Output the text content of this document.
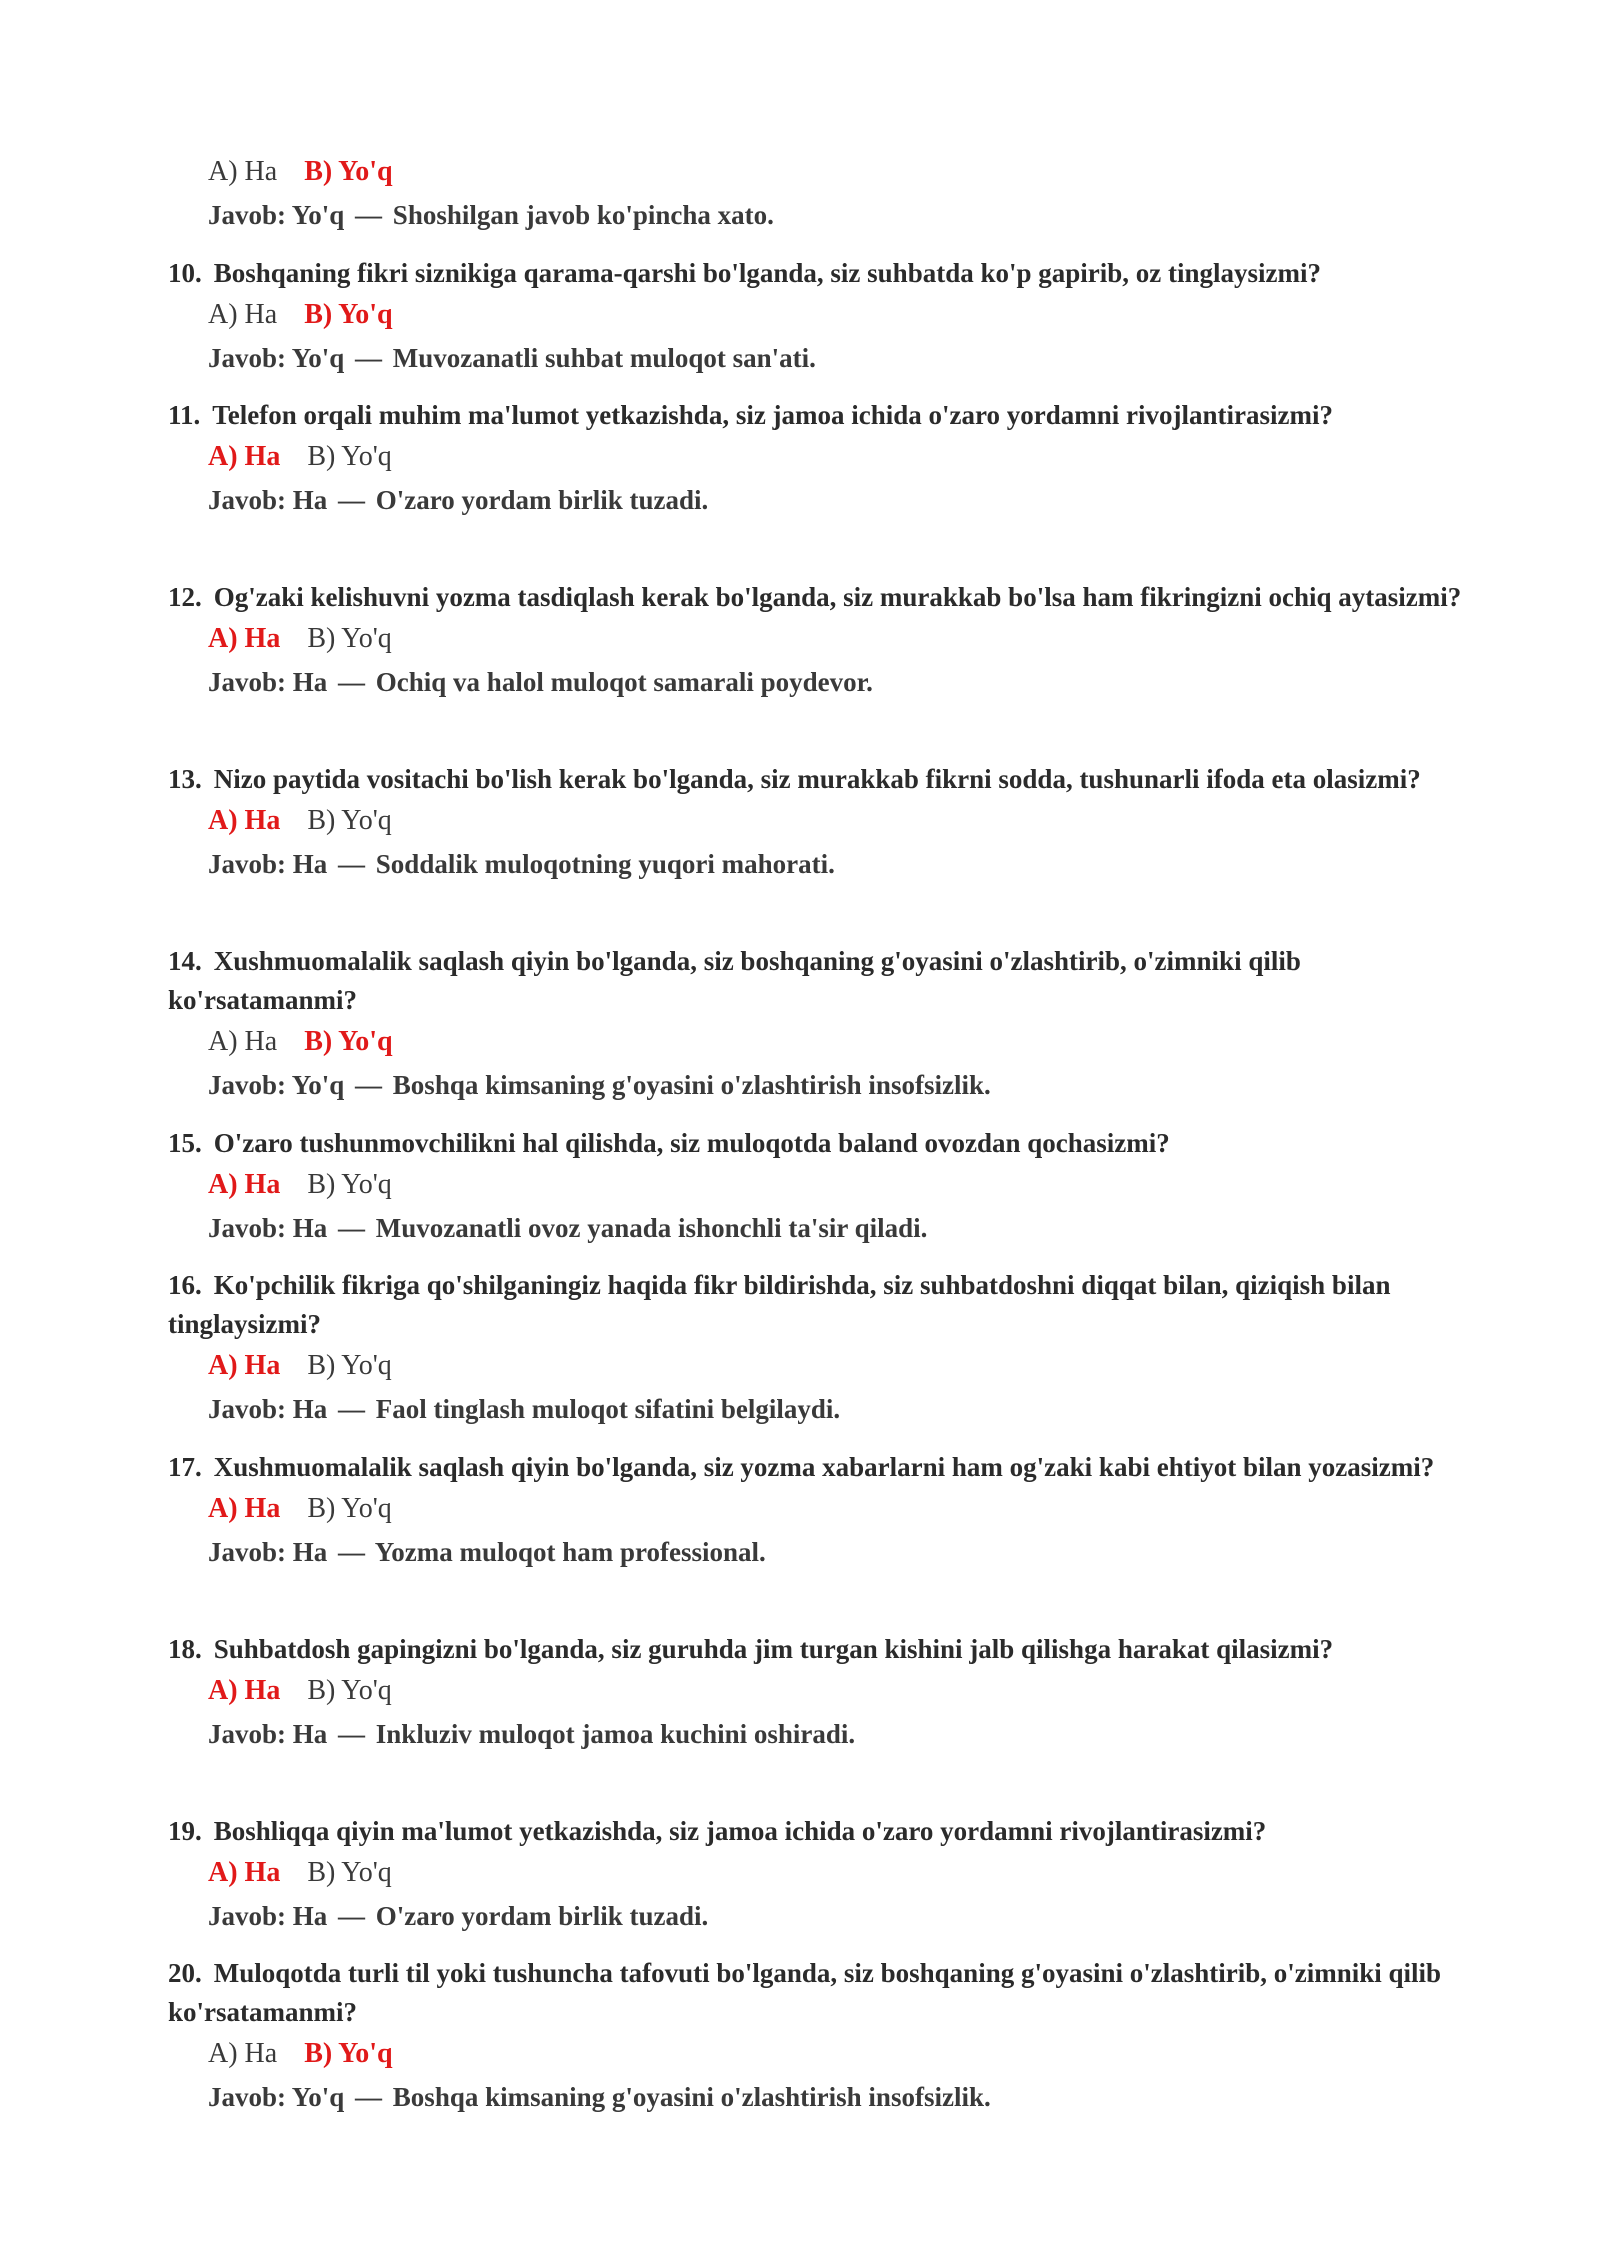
A) Ha B) Yo'q
Javob: Yo'q — Shoshilgan javob ko'pincha xato.

10. Boshqaning fikri siznikiga qarama-qarshi bo'lganda, siz suhbatda ko'p gapirib, oz tinglaysizmi?

A) Ha B) Yo'q
Javob: Yo'q — Muvozanatli suhbat muloqot san'ati.

11. Telefon orqali muhim ma'lumot yetkazishda, siz jamoa ichida o'zaro yordamni rivojlantirasizmi?

A) Ha B) Yo'q
Javob: Ha — O'zaro yordam birlik tuzadi.

12. Og'zaki kelishuvni yozma tasdiqlash kerak bo'lganda, siz murakkab bo'lsa ham fikringizni ochiq aytasizmi?

A) Ha B) Yo'q
Javob: Ha — Ochiq va halol muloqot samarali poydevor.

13. Nizo paytida vositachi bo'lish kerak bo'lganda, siz murakkab fikrni sodda, tushunarli ifoda eta olasizmi?

A) Ha B) Yo'q
Javob: Ha — Soddalik muloqotning yuqori mahorati.

14. Xushmuomalalik saqlash qiyin bo'lganda, siz boshqaning g'oyasini o'zlashtirib, o'zimniki qilib ko'rsatamanmi?

A) Ha B) Yo'q
Javob: Yo'q — Boshqa kimsaning g'oyasini o'zlashtirish insofsizlik.

15. O'zaro tushunmovchilikni hal qilishda, siz muloqotda baland ovozdan qochasizmi?

A) Ha B) Yo'q
Javob: Ha — Muvozanatli ovoz yanada ishonchli ta'sir qiladi.

16. Ko'pchilik fikriga qo'shilganingiz haqida fikr bildirishda, siz suhbatdoshni diqqat bilan, qiziqish bilan tinglaysizmi?

A) Ha B) Yo'q
Javob: Ha — Faol tinglash muloqot sifatini belgilaydi.

17. Xushmuomalalik saqlash qiyin bo'lganda, siz yozma xabarlarni ham og'zaki kabi ehtiyot bilan yozasizmi?

A) Ha B) Yo'q
Javob: Ha — Yozma muloqot ham professional.

18. Suhbatdosh gapingizni bo'lganda, siz guruhda jim turgan kishini jalb qilishga harakat qilasizmi?

A) Ha B) Yo'q
Javob: Ha — Inkluziv muloqot jamoa kuchini oshiradi.

19. Boshliqqa qiyin ma'lumot yetkazishda, siz jamoa ichida o'zaro yordamni rivojlantirasizmi?

A) Ha B) Yo'q
Javob: Ha — O'zaro yordam birlik tuzadi.

20. Muloqotda turli til yoki tushuncha tafovuti bo'lganda, siz boshqaning g'oyasini o'zlashtirib, o'zimniki qilib ko'rsatamanmi?

A) Ha B) Yo'q
Javob: Yo'q — Boshqa kimsaning g'oyasini o'zlashtirish insofsizlik.
